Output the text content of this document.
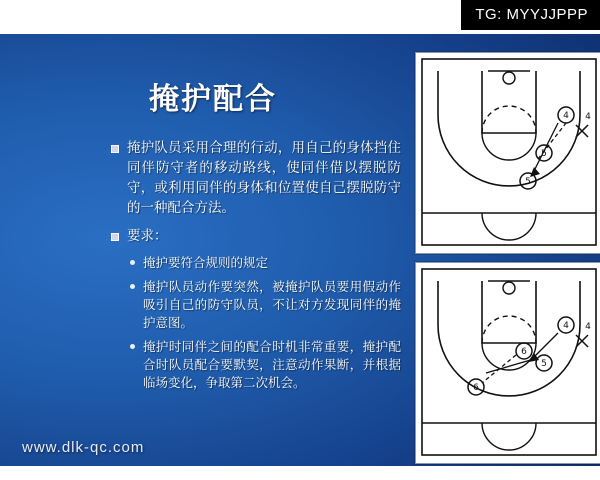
TG: MYYJJPPP
掩护配合
掩护队员采用合理的行动，用自己的身体挡住同伴防守者的移动路线，使同伴借以摆脱防守，或利用同伴的身体和位置使自己摆脱防守的一种配合方法。
要求：
掩护要符合规则的规定
掩护队员动作要突然，被掩护队员要用假动作吸引自己的防守队员，不让对方发现同伴的掩护意图。
掩护时同伴之间的配合时机非常重要，掩护配合时队员配合要默契，注意动作果断，并根据临场变化，争取第二次机会。
4 4
5
5
4 4
6
5
6
www.dlk-qc.com
